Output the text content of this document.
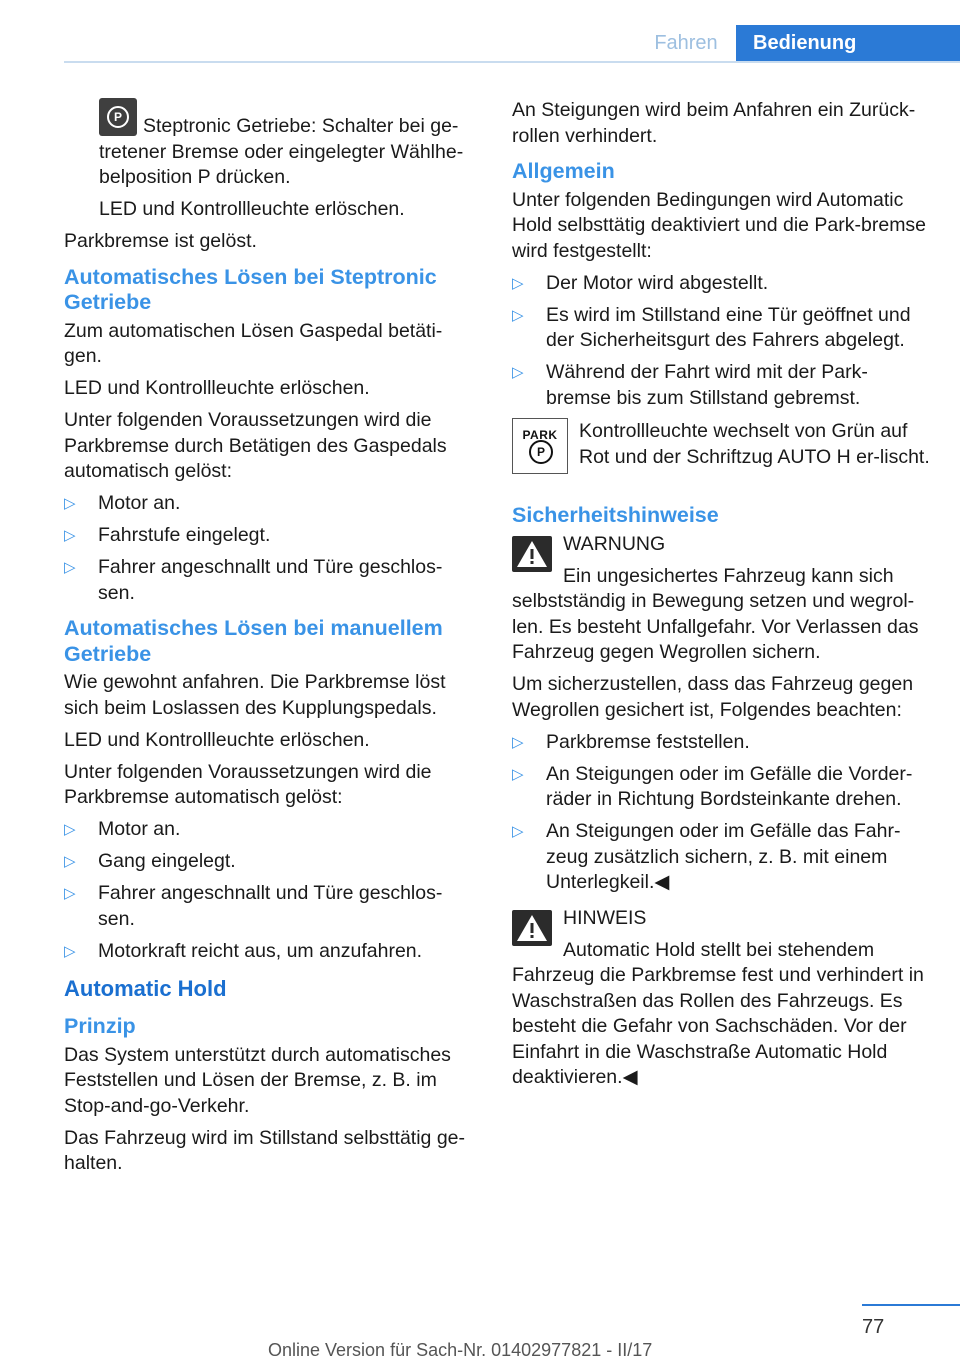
Fahren	Bedienung

P	Steptronic Getriebe: Schalter bei ge-tretener Bremse oder eingelegter Wählhe-belposition P drücken.

LED und Kontrollleuchte erlöschen.

Parkbremse ist gelöst.

Automatisches Lösen bei Steptronic Getriebe

Zum automatischen Lösen Gaspedal betäti-gen.

LED und Kontrollleuchte erlöschen.

Unter folgenden Voraussetzungen wird die Parkbremse durch Betätigen des Gaspedals automatisch gelöst:

▷ Motor an.
▷ Fahrstufe eingelegt.
▷ Fahrer angeschnallt und Türe geschlos-sen.
Automatisches Lösen bei manuellem Getriebe

Wie gewohnt anfahren. Die Parkbremse löst sich beim Loslassen des Kupplungspedals.

LED und Kontrollleuchte erlöschen.

Unter folgenden Voraussetzungen wird die Parkbremse automatisch gelöst:

▷ Motor an.
▷ Gang eingelegt.
▷ Fahrer angeschnallt und Türe geschlos-sen.
▷ Motorkraft reicht aus, um anzufahren.
Automatic Hold
Prinzip

Das System unterstützt durch automatisches Feststellen und Lösen der Bremse, z. B. im Stop-and-go-Verkehr.

Das Fahrzeug wird im Stillstand selbsttätig ge-halten.

An Steigungen wird beim Anfahren ein Zurück-rollen verhindert.

Allgemein

Unter folgenden Bedingungen wird Automatic Hold selbsttätig deaktiviert und die Park-bremse wird festgestellt:

▷ Der Motor wird abgestellt.
▷ Es wird im Stillstand eine Tür geöffnet und der Sicherheitsgurt des Fahrers abgelegt.
▷ Während der Fahrt wird mit der Park-bremse bis zum Stillstand gebremst.
PARK
P

Kontrollleuchte wechselt von Grün auf Rot und der Schriftzug AUTO H er-lischt.

Sicherheitshinweise

WARNUNG

Ein ungesichertes Fahrzeug kann sich

selbstständig in Bewegung setzen und wegrol-len. Es besteht Unfallgefahr. Vor Verlassen das Fahrzeug gegen Wegrollen sichern.

Um sicherzustellen, dass das Fahrzeug gegen Wegrollen gesichert ist, Folgendes beachten:

▷ Parkbremse feststellen.
▷ An Steigungen oder im Gefälle die Vorder-räder in Richtung Bordsteinkante drehen.
▷ An Steigungen oder im Gefälle das Fahr-zeug zusätzlich sichern, z. B. mit einem Unterlegkeil.◀

HINWEIS

Automatic Hold stellt bei stehendem

Fahrzeug die Parkbremse fest und verhindert in Waschstraßen das Rollen des Fahrzeugs. Es besteht die Gefahr von Sachschäden. Vor der Einfahrt in die Waschstraße Automatic Hold deaktivieren.◀

77
Online Version für Sach-Nr. 01402977821 - II/17
